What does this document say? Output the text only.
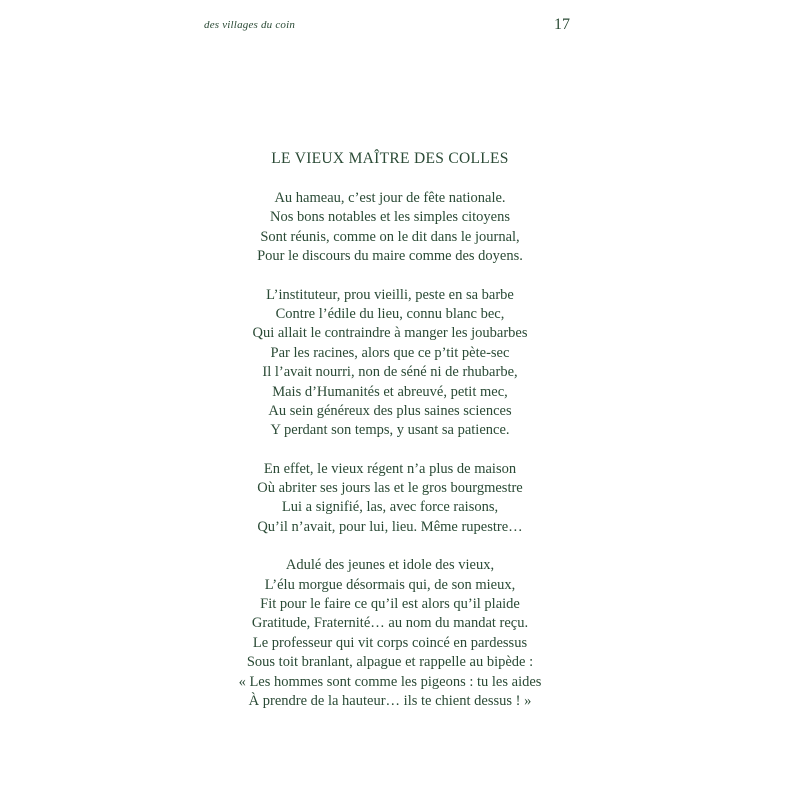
des villages du coin	17
LE VIEUX MAÎTRE DES COLLES
Au hameau, c’est jour de fête nationale.
Nos bons notables et les simples citoyens
Sont réunis, comme on le dit dans le journal,
Pour le discours du maire comme des doyens.
L’instituteur, prou vieilli, peste en sa barbe
Contre l’édile du lieu, connu blanc bec,
Qui allait le contraindre à manger les joubarbes
Par les racines, alors que ce p’tit pète-sec
Il l’avait nourri, non de séné ni de rhubarbe,
Mais d’Humanités et abreuvé, petit mec,
Au sein généreux des plus saines sciences
Y perdant son temps, y usant sa patience.
En effet, le vieux régent n’a plus de maison
Où abriter ses jours las et le gros bourgmestre
Lui a signifié, las, avec force raisons,
Qu’il n’avait, pour lui, lieu. Même rupestre…
Adulé des jeunes et idole des vieux,
L’élu morgue désormais qui, de son mieux,
Fit pour le faire ce qu’il est alors qu’il plaide
Gratitude, Fraternité… au nom du mandat reçu.
Le professeur qui vit corps coincé en pardessus
Sous toit branlant, alpague et rappelle au bipède :
« Les hommes sont comme les pigeons : tu les aides
À prendre de la hauteur… ils te chient dessus ! »
